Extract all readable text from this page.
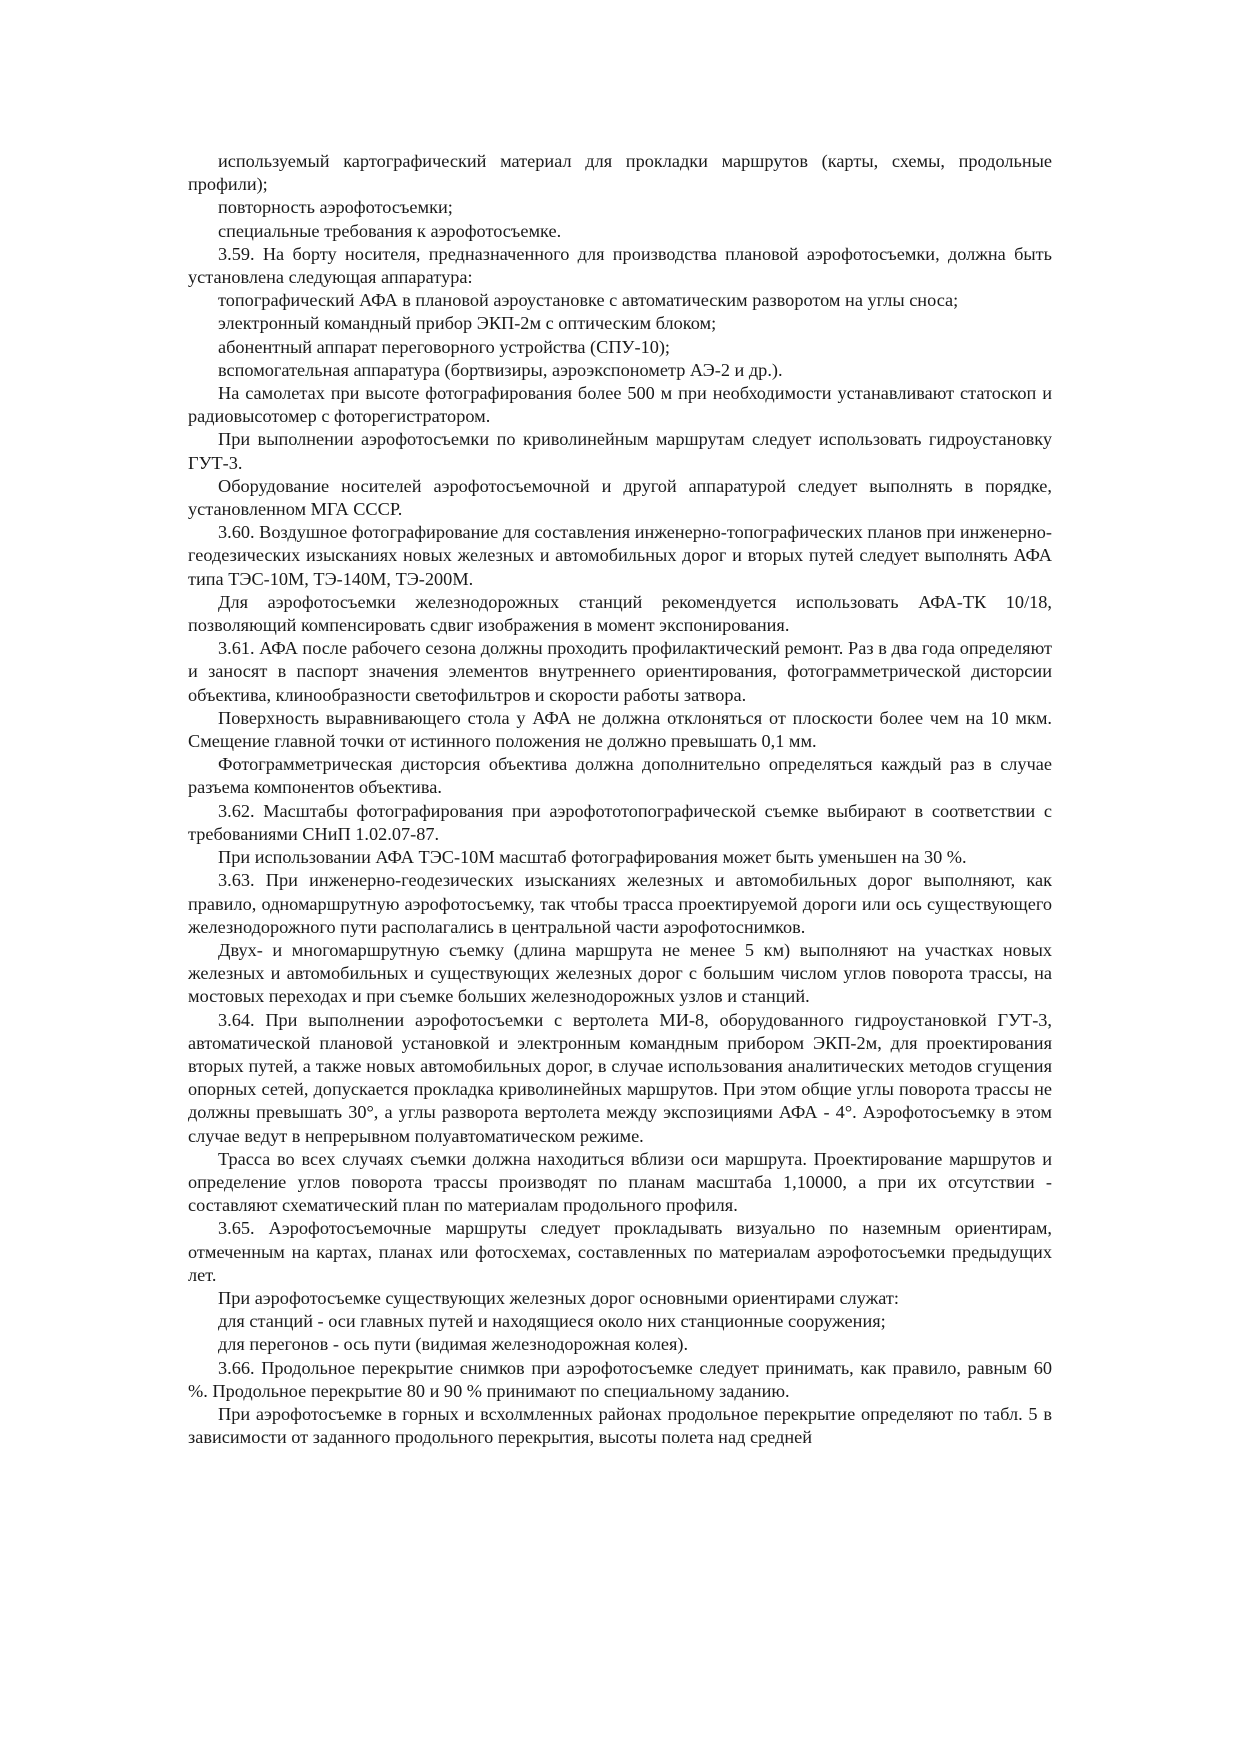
используемый картографический материал для прокладки маршрутов (карты, схемы, продольные профили);

повторность аэрофотосъемки;

специальные требования к аэрофотосъемке.

3.59. На борту носителя, предназначенного для производства плановой аэрофотосъемки, должна быть установлена следующая аппаратура:

топографический АФА в плановой аэроустановке с автоматическим разворотом на углы сноса;

электронный командный прибор ЭКП-2м с оптическим блоком;

абонентный аппарат переговорного устройства (СПУ-10);

вспомогательная аппаратура (бортвизиры, аэроэкспонометр АЭ-2 и др.).

На самолетах при высоте фотографирования более 500 м при необходимости устанавливают статоскоп и радиовысотомер с фоторегистратором.

При выполнении аэрофотосъемки по криволинейным маршрутам следует использовать гидроустановку ГУТ-3.

Оборудование носителей аэрофотосъемочной и другой аппаратурой следует выполнять в порядке, установленном МГА СССР.

3.60. Воздушное фотографирование для составления инженерно-топографических планов при инженерно-геодезических изысканиях новых железных и автомобильных дорог и вторых путей следует выполнять АФА типа ТЭС-10М, ТЭ-140М, ТЭ-200М.

Для аэрофотосъемки железнодорожных станций рекомендуется использовать АФА-ТК 10/18, позволяющий компенсировать сдвиг изображения в момент экспонирования.

3.61. АФА после рабочего сезона должны проходить профилактический ремонт. Раз в два года определяют и заносят в паспорт значения элементов внутреннего ориентирования, фотограмметрической дисторсии объектива, клинообразности светофильтров и скорости работы затвора.

Поверхность выравнивающего стола у АФА не должна отклоняться от плоскости более чем на 10 мкм. Смещение главной точки от истинного положения не должно превышать 0,1 мм.

Фотограмметрическая дисторсия объектива должна дополнительно определяться каждый раз в случае разъема компонентов объектива.

3.62. Масштабы фотографирования при аэрофототопографической съемке выбирают в соответствии с требованиями СНиП 1.02.07-87.

При использовании АФА ТЭС-10М масштаб фотографирования может быть уменьшен на 30 %.

3.63. При инженерно-геодезических изысканиях железных и автомобильных дорог выполняют, как правило, одномаршрутную аэрофотосъемку, так чтобы трасса проектируемой дороги или ось существующего железнодорожного пути располагались в центральной части аэрофотоснимков.

Двух- и многомаршрутную съемку (длина маршрута не менее 5 км) выполняют на участках новых железных и автомобильных и существующих железных дорог с большим числом углов поворота трассы, на мостовых переходах и при съемке больших железнодорожных узлов и станций.

3.64. При выполнении аэрофотосъемки с вертолета МИ-8, оборудованного гидроустановкой ГУТ-3, автоматической плановой установкой и электронным командным прибором ЭКП-2м, для проектирования вторых путей, а также новых автомобильных дорог, в случае использования аналитических методов сгущения опорных сетей, допускается прокладка криволинейных маршрутов. При этом общие углы поворота трассы не должны превышать 30°, а углы разворота вертолета между экспозициями АФА - 4°. Аэрофотосъемку в этом случае ведут в непрерывном полуавтоматическом режиме.

Трасса во всех случаях съемки должна находиться вблизи оси маршрута. Проектирование маршрутов и определение углов поворота трассы производят по планам масштаба 1,10000, а при их отсутствии - составляют схематический план по материалам продольного профиля.

3.65. Аэрофотосъемочные маршруты следует прокладывать визуально по наземным ориентирам, отмеченным на картах, планах или фотосхемах, составленных по материалам аэрофотосъемки предыдущих лет.

При аэрофотосъемке существующих железных дорог основными ориентирами служат:

для станций - оси главных путей и находящиеся около них станционные сооружения;

для перегонов - ось пути (видимая железнодорожная колея).

3.66. Продольное перекрытие снимков при аэрофотосъемке следует принимать, как правило, равным 60 %. Продольное перекрытие 80 и 90 % принимают по специальному заданию.

При аэрофотосъемке в горных и всхолмленных районах продольное перекрытие определяют по табл. 5 в зависимости от заданного продольного перекрытия, высоты полета над средней
